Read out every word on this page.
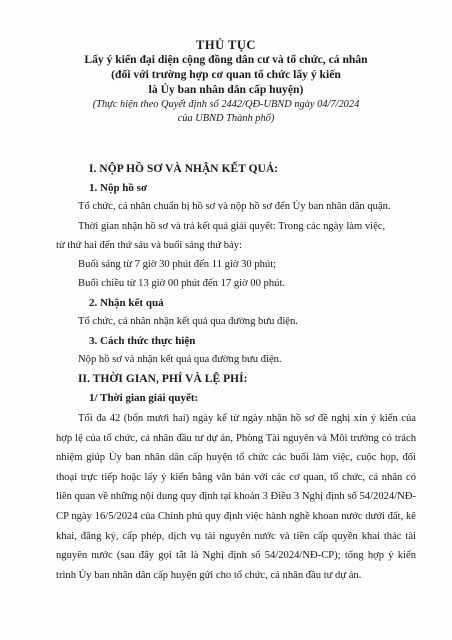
THỦ TỤC
Lấy ý kiến đại diện cộng đồng dân cư và tổ chức, cá nhân
(đối với trường hợp cơ quan tổ chức lấy ý kiến
là Ủy ban nhân dân cấp huyện)
(Thực hiện theo Quyết định số 2442/QĐ-UBND ngày 04/7/2024
của UBND Thành phố)
I. NỘP HỒ SƠ VÀ NHẬN KẾT QUẢ:
1. Nộp hồ sơ
Tổ chức, cá nhân chuẩn bị hồ sơ và nộp hồ sơ đến Ủy ban nhân dân quận.
Thời gian nhận hồ sơ và trả kết quả giải quyết: Trong các ngày làm việc,
từ thứ hai đến thứ sáu và buổi sáng thứ bảy:
Buổi sáng từ 7 giờ 30 phút đến 11 giờ 30 phút;
Buổi chiều từ 13 giờ 00 phút đến 17 giờ 00 phút.
2. Nhận kết quả
Tổ chức, cá nhân nhận kết quả qua đường bưu điện.
3. Cách thức thực hiện
Nộp hồ sơ và nhận kết quả qua đường bưu điện.
II. THỜI GIAN, PHÍ VÀ LỆ PHÍ:
1/ Thời gian giải quyết:
Tối đa 42 (bốn mươi hai) ngày kể từ ngày nhận hồ sơ đề nghị xin ý kiến của hợp lệ của tổ chức, cá nhân đầu tư dự án, Phòng Tài nguyên và Môi trường có trách nhiệm giúp Ủy ban nhân dân cấp huyện tổ chức các buổi làm việc, cuộc họp, đối thoại trực tiếp hoặc lấy ý kiến bằng văn bản với các cơ quan, tổ chức, cá nhân có liên quan về những nội dung quy định tại khoản 3 Điều 3 Nghị định số 54/2024/NĐ-CP ngày 16/5/2024 của Chính phủ quy định việc hành nghề khoan nước dưới đất, kê khai, đăng ký, cấp phép, dịch vụ tài nguyên nước và tiền cấp quyền khai thác tài nguyên nước (sau đây gọi tắt là Nghị định số 54/2024/NĐ-CP); tổng hợp ý kiến trình Ủy ban nhân dân cấp huyện gửi cho tổ chức, cá nhân đầu tư dự án.
